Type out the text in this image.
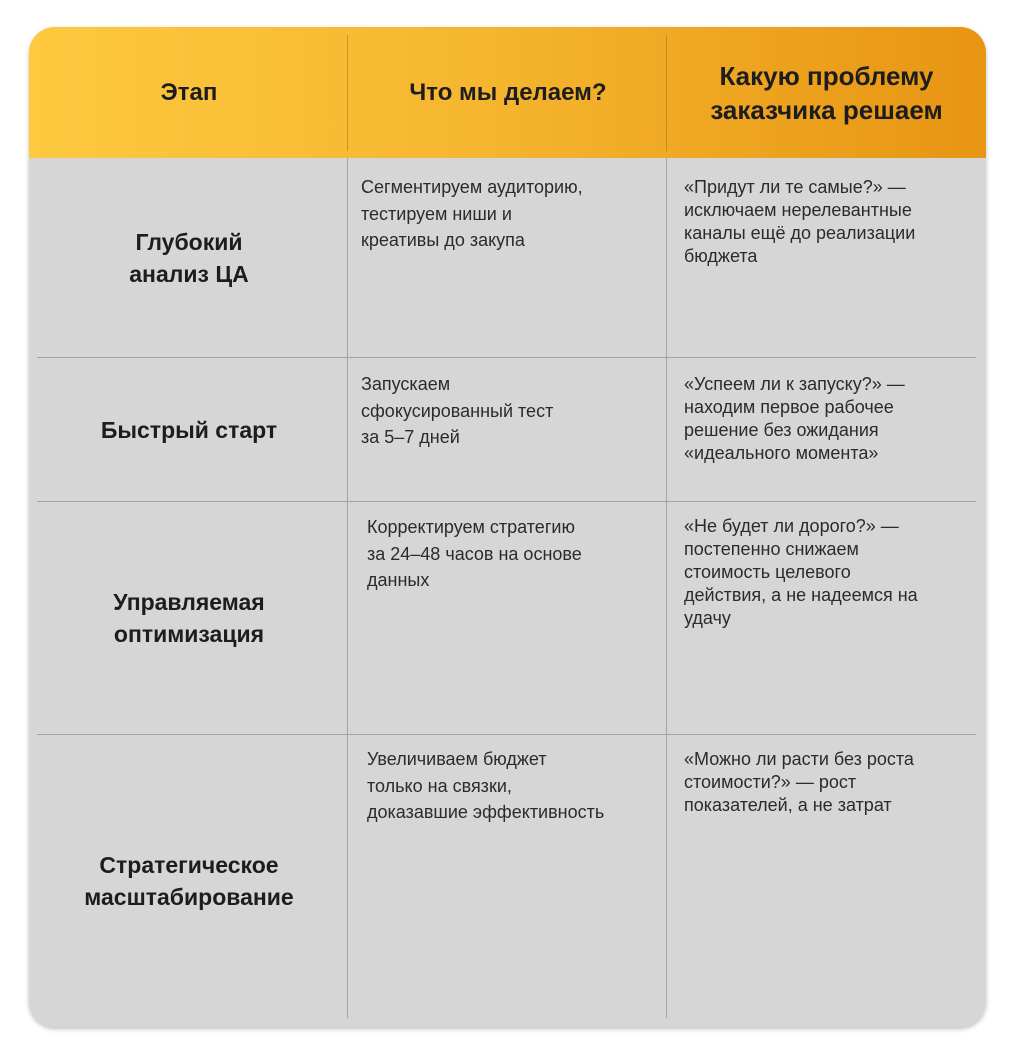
Этап	Что мы делаем?
Какую проблему
заказчика решаем
Глубокий
анализ ЦА
Сегментируем аудиторию,
тестируем ниши и
креативы до закупа
«Придут ли те самые?» —
исключаем нерелевантные
каналы ещё до реализации
бюджета
Быстрый старт
Запускаем
сфокусированный тест
за 5–7 дней
«Успеем ли к запуску?» —
находим первое рабочее
решение без ожидания
«идеального момента»
Управляемая
оптимизация
Корректируем стратегию
за 24–48 часов на основе
данных
«Не будет ли дорого?» —
постепенно снижаем
стоимость целевого
действия, а не надеемся на
удачу
Стратегическое
масштабирование
Увеличиваем бюджет
только на связки,
доказавшие эффективность
«Можно ли расти без роста
стоимости?» — рост
показателей, а не затрат
